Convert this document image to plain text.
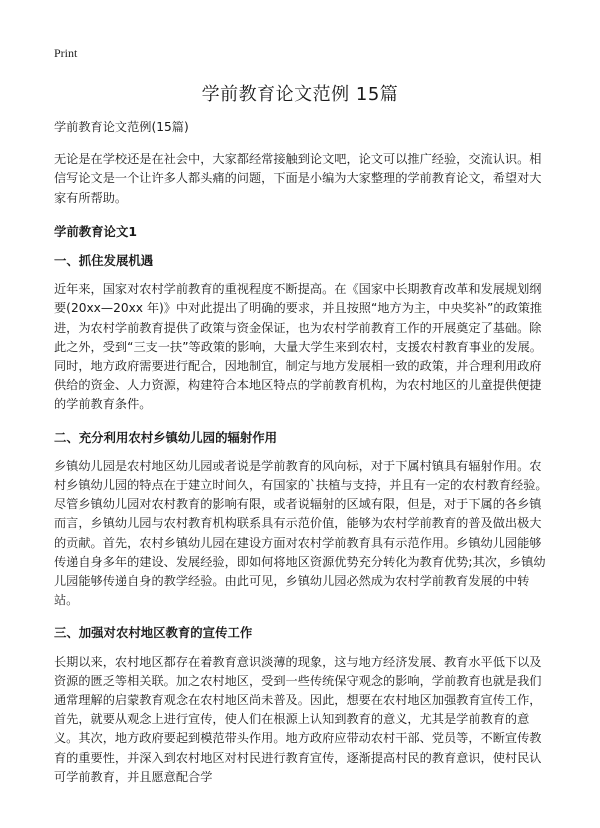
Print
学前教育论文范例 15篇

学前教育论文范例(15篇)

无论是在学校还是在社会中，大家都经常接触到论文吧，论文可以推广经验，交流认识。相信写论文是一个让许多人都头痛的问题，下面是小编为大家整理的学前教育论文，希望对大家有所帮助。

学前教育论文1

一、抓住发展机遇

近年来，国家对农村学前教育的重视程度不断提高。在《国家中长期教育改革和发展规划纲要(20xx—20xx 年)》中对此提出了明确的要求，并且按照“地方为主，中央奖补”的政策推进，为农村学前教育提供了政策与资金保证，也为农村学前教育工作的开展奠定了基础。除此之外，受到“三支一扶”等政策的影响，大量大学生来到农村，支援农村教育事业的发展。同时，地方政府需要进行配合，因地制宜，制定与地方发展相一致的政策，并合理利用政府供给的资金、人力资源，构建符合本地区特点的学前教育机构，为农村地区的儿童提供便捷的学前教育条件。

二、充分利用农村乡镇幼儿园的辐射作用

乡镇幼儿园是农村地区幼儿园或者说是学前教育的风向标，对于下属村镇具有辐射作用。农村乡镇幼儿园的特点在于建立时间久，有国家的`扶植与支持，并且有一定的农村教育经验。尽管乡镇幼儿园对农村教育的影响有限，或者说辐射的区域有限，但是，对于下属的各乡镇而言，乡镇幼儿园与农村教育机构联系具有示范价值，能够为农村学前教育的普及做出极大的贡献。首先，农村乡镇幼儿园在建设方面对农村学前教育具有示范作用。乡镇幼儿园能够传递自身多年的建设、发展经验，即如何将地区资源优势充分转化为教育优势;其次，乡镇幼儿园能够传递自身的教学经验。由此可见，乡镇幼儿园必然成为农村学前教育发展的中转站。

三、加强对农村地区教育的宣传工作

长期以来，农村地区都存在着教育意识淡薄的现象，这与地方经济发展、教育水平低下以及资源的匮乏等相关联。加之农村地区，受到一些传统保守观念的影响，学前教育也就是我们通常理解的启蒙教育观念在农村地区尚未普及。因此，想要在农村地区加强教育宣传工作，首先，就要从观念上进行宣传，使人们在根源上认知到教育的意义，尤其是学前教育的意义。其次，地方政府要起到模范带头作用。地方政府应带动农村干部、党员等，不断宣传教育的重要性，并深入到农村地区对村民进行教育宣传，逐渐提高村民的教育意识，使村民认可学前教育，并且愿意配合学
